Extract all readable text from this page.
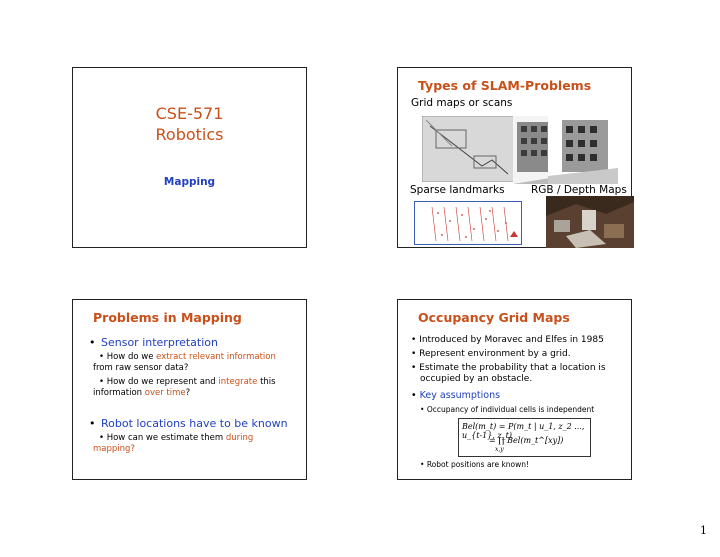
CSE-571
Robotics
Mapping
Types of SLAM-Problems
Grid maps or scans
Sparse landmarks	RGB / Depth Maps
Problems in Mapping
• Sensor interpretation
• How do we extract relevant information
from raw sensor data?
• How do we represent and integrate this
information over time?
• Robot locations have to be known
• How can we estimate them during
mapping?
Occupancy Grid Maps
• Introduced by Moravec and Elfes in 1985
• Represent environment by a grid.
• Estimate the probability that a location is
occupied by an obstacle.
• Key assumptions
• Occupancy of individual cells is independent
Bel(m_t) = P(m_t | u_1, z_2 ..., u_{t-1}, z_t)
= ∏ Bel(m_t^[xy])
x,y
• Robot positions are known!
1
